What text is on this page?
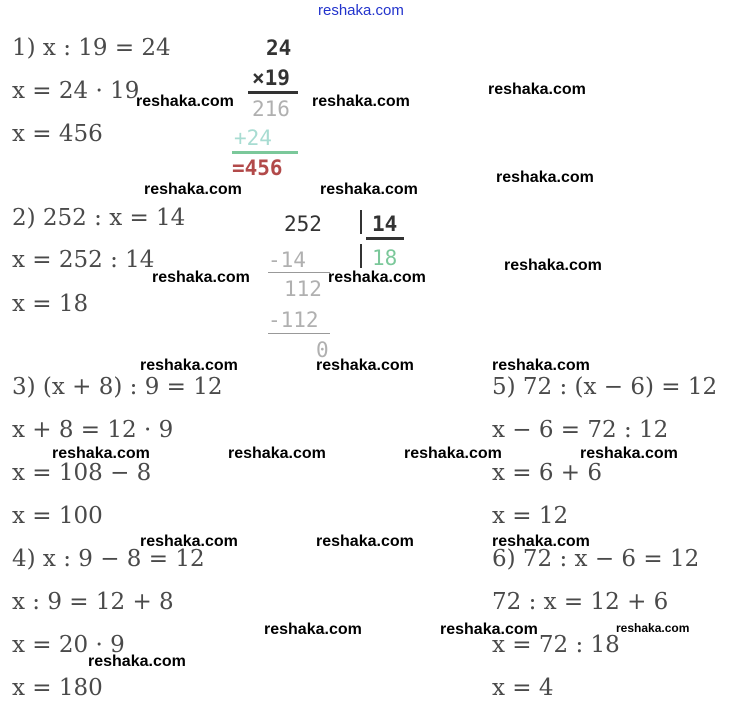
reshaka.com
1) x : 19 = 24
x = 24 · 19
x = 456
24
×19
216
+24
=456
2) 252 : x = 14
x = 252 : 14
x = 18
252 14
18
-14
112
-112
0
3) (x + 8) : 9 = 12
x + 8 = 12 · 9
x = 108 − 8
x = 100
4) x : 9 − 8 = 12
x : 9 = 12 + 8
x = 20 · 9
x = 180
5) 72 : (x − 6) = 12
x − 6 = 72 : 12
x = 6 + 6
x = 12
6) 72 : x − 6 = 12
72 : x = 12 + 6
x = 72 : 18
x = 4
reshaka.com	reshaka.com
reshaka.com
reshaka.com	reshaka.com
reshaka.com
reshaka.com	reshaka.com
reshaka.com
reshaka.com	reshaka.com	reshaka.com
reshaka.com	reshaka.com	reshaka.com	reshaka.com
reshaka.com	reshaka.com	reshaka.com
reshaka.com	reshaka.com	reshaka.com
reshaka.com
